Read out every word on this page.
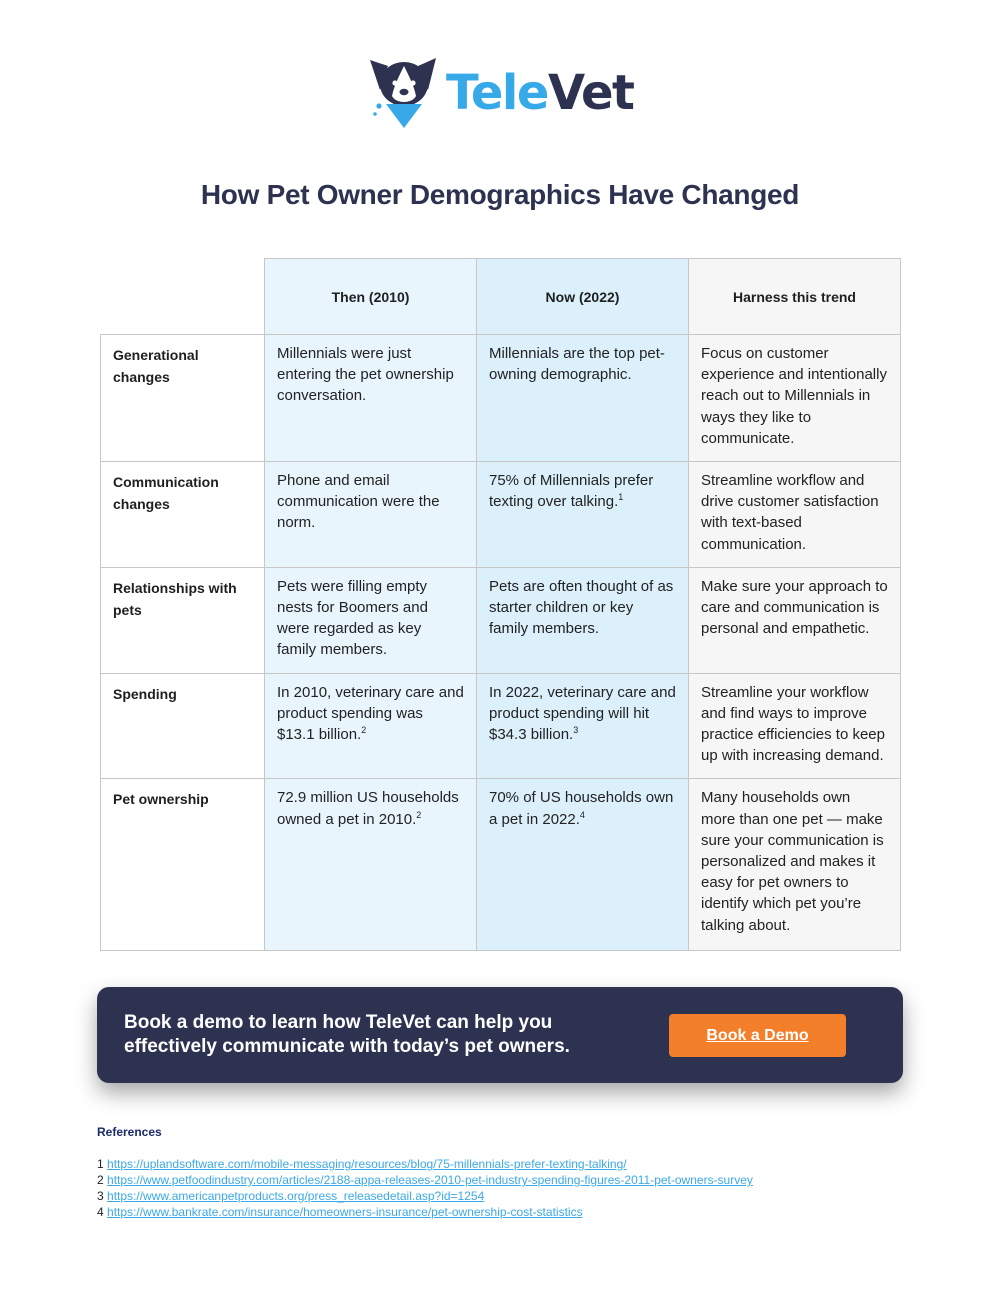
TeleVet
How Pet Owner Demographics Have Changed
	Then (2010)	Now (2022)	Harness this trend
Generational changes	Millennials were just entering the pet ownership conversation.	Millennials are the top pet-owning demographic.	Focus on customer experience and intentionally reach out to Millennials in ways they like to communicate.
Communication changes	Phone and email communication were the norm.	75% of Millennials prefer texting over talking.$^1$	Streamline workflow and drive customer satisfaction with text-based communication.
Relationships with pets	Pets were filling empty nests for Boomers and were regarded as key family members.	Pets are often thought of as starter children or key family members.	Make sure your approach to care and communication is personal and empathetic.
Spending	In 2010, veterinary care and product spending was $13.1 billion.$^2$	In 2022, veterinary care and product spending will hit $34.3 billion.$^3$	Streamline your workflow and find ways to improve practice efficiencies to keep up with increasing demand.
Pet ownership	72.9 million US households owned a pet in 2010.$^2$	70% of US households own a pet in 2022.$^4$	Many households own more than one pet — make sure your communication is personalized and makes it easy for pet owners to identify which pet you’re talking about.

Book a demo to learn how TeleVet can help you effectively communicate with today’s pet owners.

Book a Demo
References
1 https://uplandsoftware.com/mobile-messaging/resources/blog/75-millennials-prefer-texting-talking/
2 https://www.petfoodindustry.com/articles/2188-appa-releases-2010-pet-industry-spending-figures-2011-pet-owners-survey
3 https://www.americanpetproducts.org/press_releasedetail.asp?id=1254
4 https://www.bankrate.com/insurance/homeowners-insurance/pet-ownership-cost-statistics
